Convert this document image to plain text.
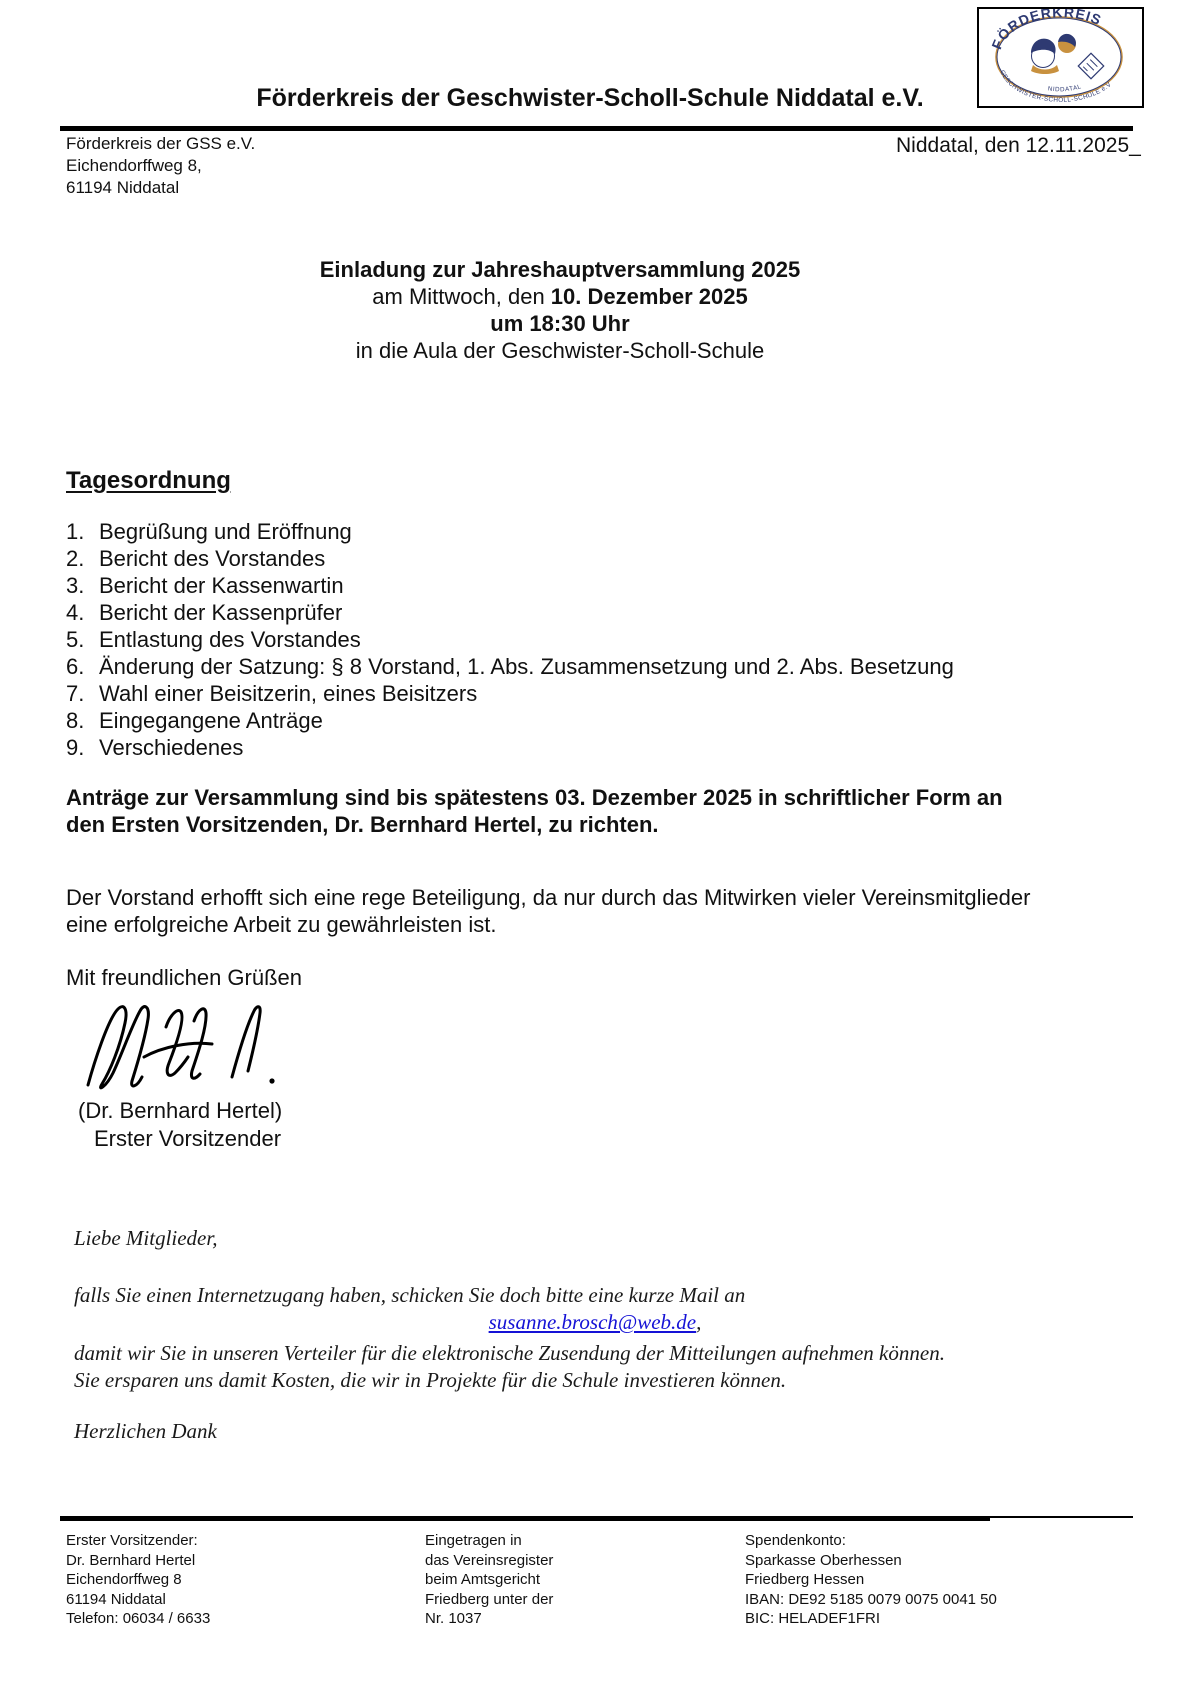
FÖRDERKREIS
GESCHWISTER-SCHOLL-SCHULE e.V
NIDDATAL
Förderkreis der Geschwister-Scholl-Schule Niddatal e.V.
Förderkreis der GSS e.V.
Eichendorffweg 8,
61194 Niddatal
Niddatal, den 12.11.2025_
Einladung zur Jahreshauptversammlung 2025
am Mittwoch, den 10. Dezember 2025
um 18:30 Uhr
in die Aula der Geschwister-Scholl-Schule
Tagesordnung
1. Begrüßung und Eröffnung
2. Bericht des Vorstandes
3. Bericht der Kassenwartin
4. Bericht der Kassenprüfer
5. Entlastung des Vorstandes
6. Änderung der Satzung: § 8 Vorstand, 1. Abs. Zusammensetzung und 2. Abs. Besetzung
7. Wahl einer Beisitzerin, eines Beisitzers
8. Eingegangene Anträge
9. Verschiedenes
Anträge zur Versammlung sind bis spätestens 03. Dezember 2025 in schriftlicher Form an
den Ersten Vorsitzenden, Dr. Bernhard Hertel, zu richten.
Der Vorstand erhofft sich eine rege Beteiligung, da nur durch das Mitwirken vieler Vereinsmitglieder
eine erfolgreiche Arbeit zu gewährleisten ist.
Mit freundlichen Grüßen
(Dr. Bernhard Hertel)
Erster Vorsitzender
Liebe Mitglieder,
falls Sie einen Internetzugang haben, schicken Sie doch bitte eine kurze Mail an
susanne.brosch@web.de,
damit wir Sie in unseren Verteiler für die elektronische Zusendung der Mitteilungen aufnehmen können.
Sie ersparen uns damit Kosten, die wir in Projekte für die Schule investieren können.
Herzlichen Dank
Erster Vorsitzender:
Dr. Bernhard Hertel
Eichendorffweg 8
61194 Niddatal
Telefon: 06034 / 6633
Eingetragen in
das Vereinsregister
beim Amtsgericht
Friedberg unter der
Nr. 1037
Spendenkonto:
Sparkasse Oberhessen
Friedberg Hessen
IBAN: DE92 5185 0079 0075 0041 50
BIC: HELADEF1FRI
